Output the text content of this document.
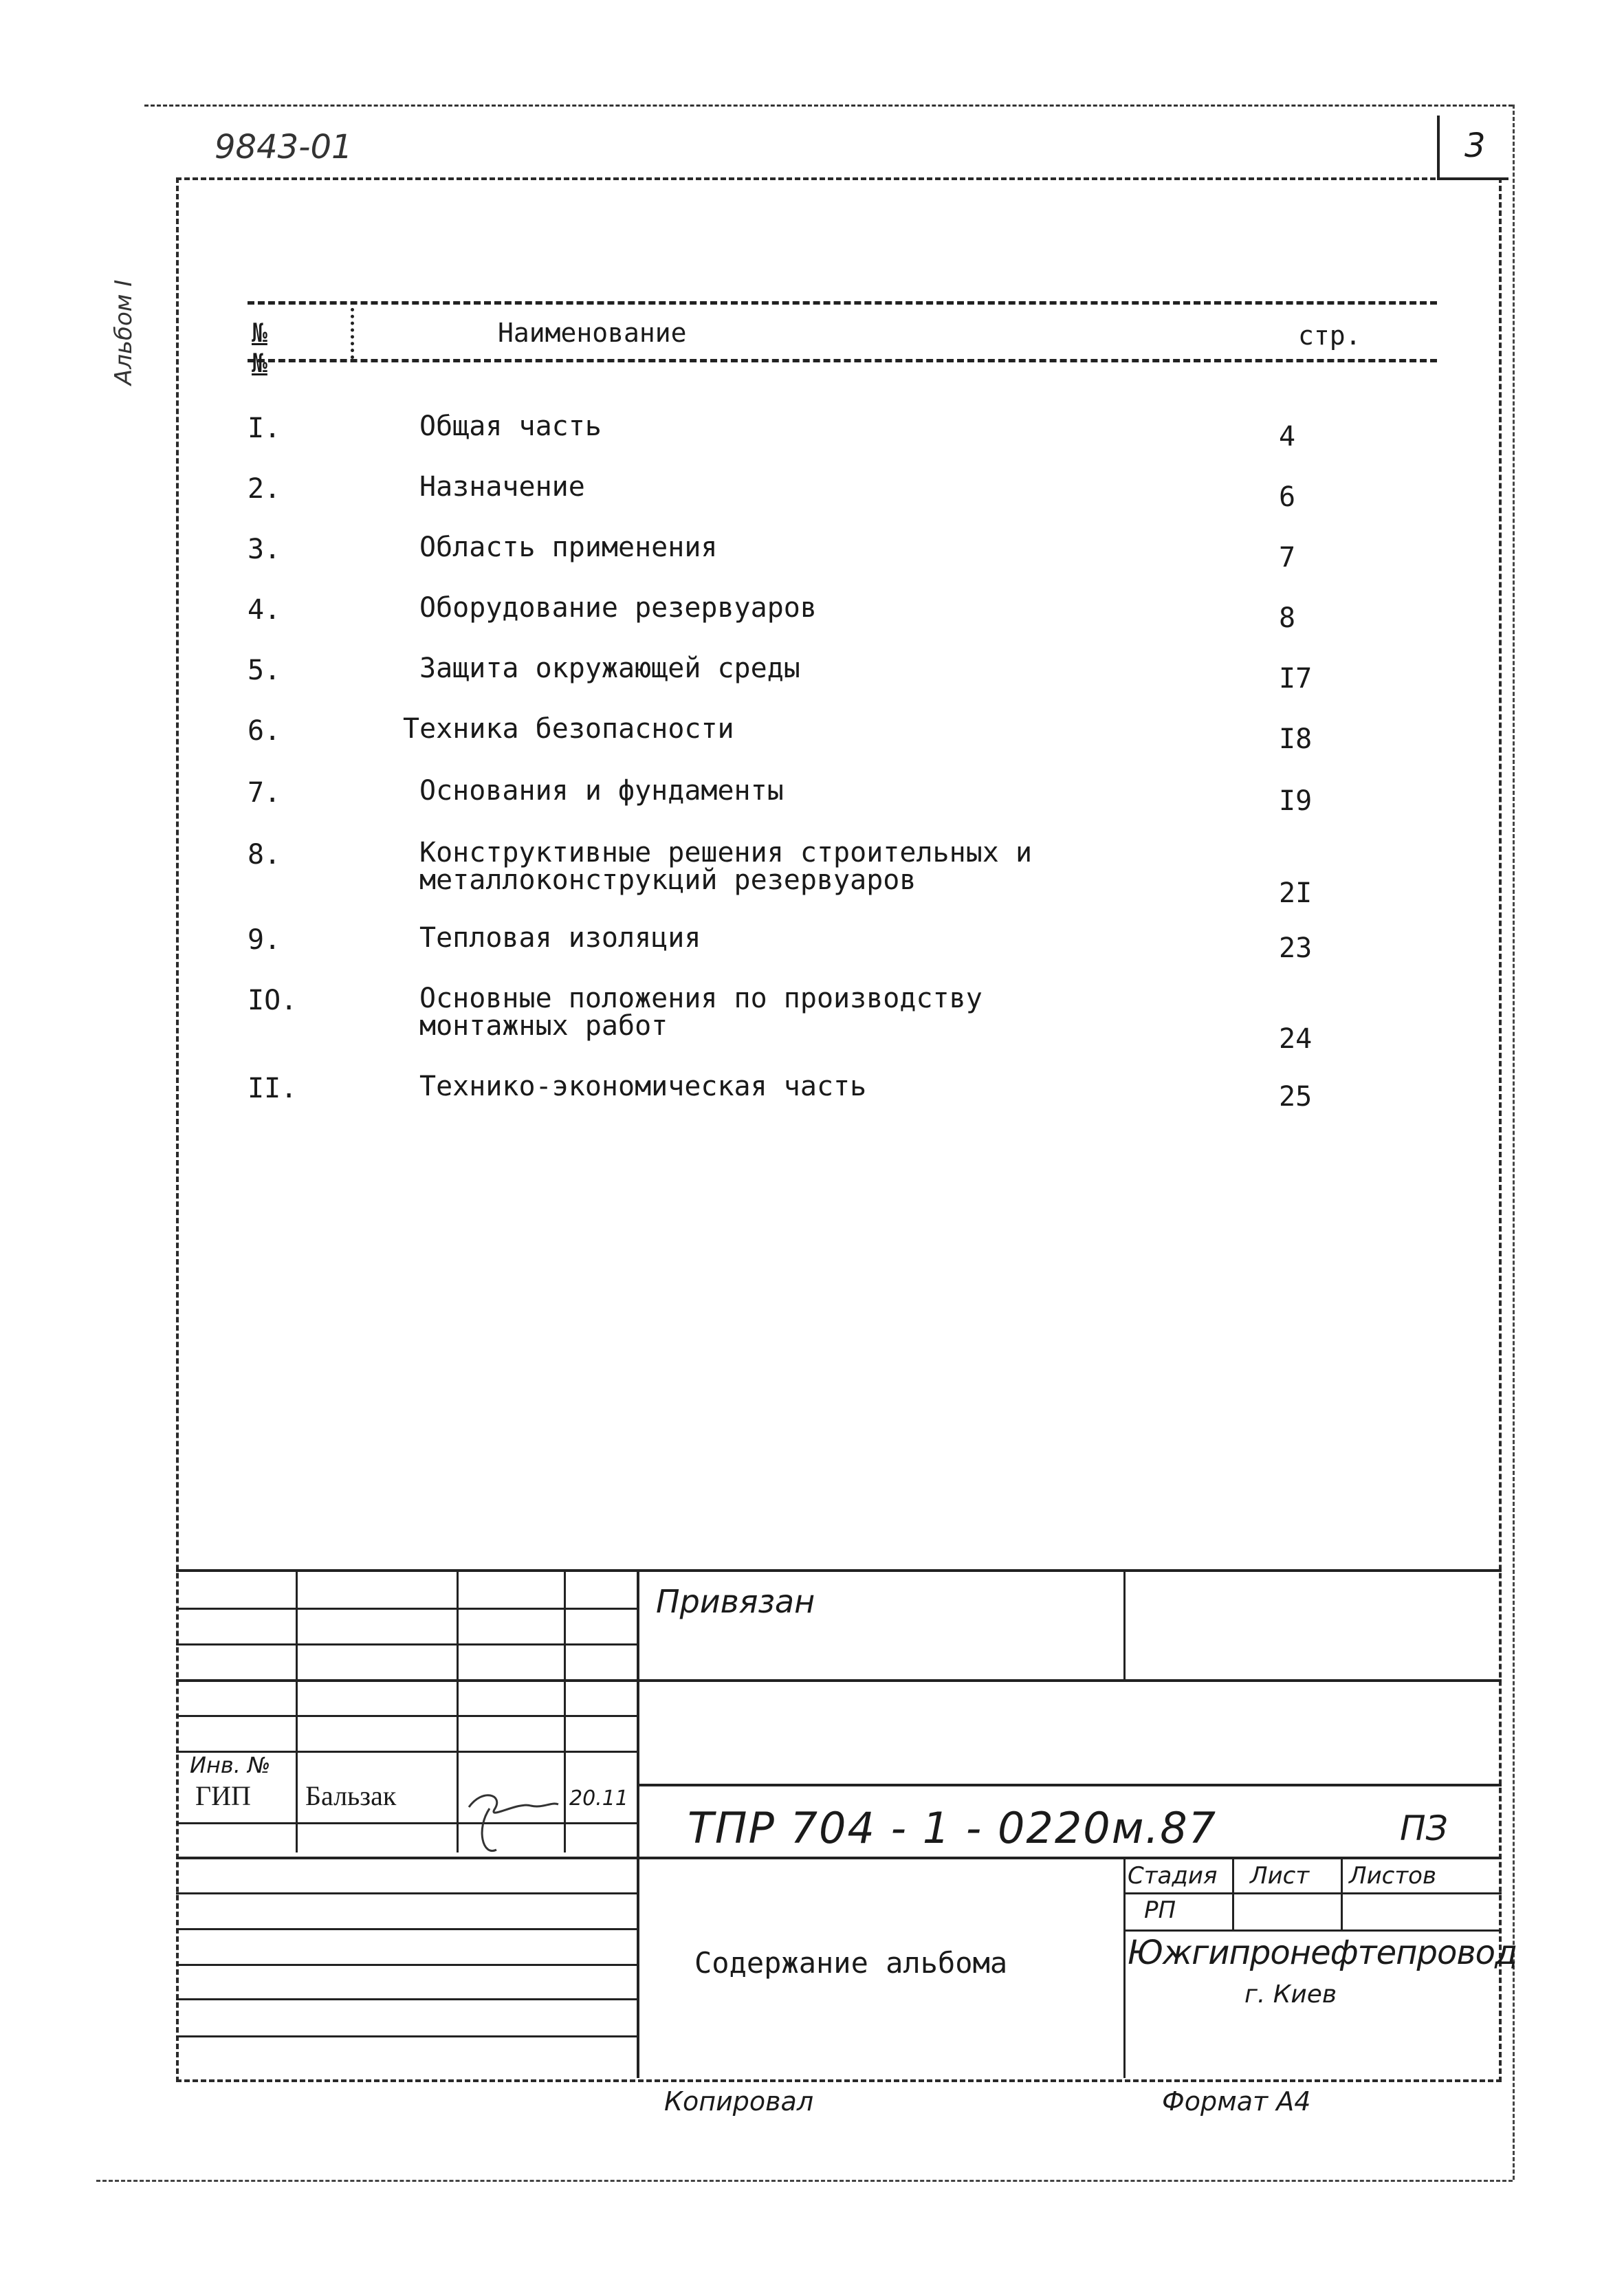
9843-01	3
Альбом I	№№
Наименование	стр.
I.	Общая часть	4
2.	Назначение	6
3.	Область применения	7
4.	Оборудование резервуаров	8
5.	Защита окружающей среды	I7
6.	Техника безопасности	I8
7.	Основания и фундаменты	I9
8.	Конструктивные решения строительных и
металлоконструкций резервуаров	2I
9.	Тепловая изоляция	23
IO.	Основные положения по производству
монтажных работ	24
II.	Технико-экономическая часть	25
Привязан
Инв. №
ГИП Бальзак	20.11
ТПР 704 - 1 - 0220м.87	ПЗ
Стадия Лист Листов
РП
Содержание альбома	Южгипронефтепровод
г. Киев
Копировал	Формат А4
